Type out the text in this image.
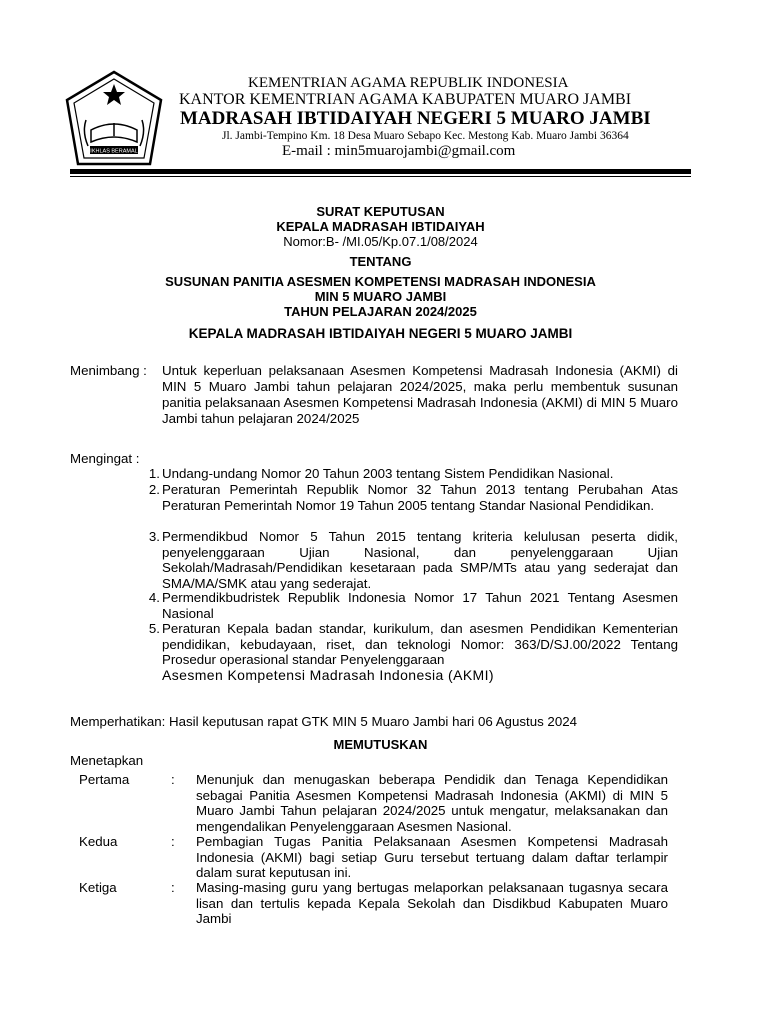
IKHLAS BERAMAL
KEMENTRIAN AGAMA REPUBLIK INDONESIA
KANTOR KEMENTRIAN AGAMA KABUPATEN MUARO JAMBI
MADRASAH IBTIDAIYAH NEGERI 5 MUARO JAMBI
Jl. Jambi-Tempino Km. 18 Desa Muaro Sebapo Kec. Mestong Kab. Muaro Jambi 36364
E-mail : min5muarojambi@gmail.com
SURAT KEPUTUSAN
KEPALA MADRASAH IBTIDAIYAH
Nomor:B- /MI.05/Kp.07.1/08/2024
TENTANG
SUSUNAN PANITIA ASESMEN KOMPETENSI MADRASAH INDONESIA
MIN 5 MUARO JAMBI
TAHUN PELAJARAN 2024/2025
KEPALA MADRASAH IBTIDAIYAH NEGERI 5 MUARO JAMBI
Menimbang : Untuk keperluan pelaksanaan Asesmen Kompetensi Madrasah Indonesia (AKMI) di MIN 5 Muaro Jambi tahun pelajaran 2024/2025, maka perlu membentuk susunan panitia pelaksanaan Asesmen Kompetensi Madrasah Indonesia (AKMI) di MIN 5 Muaro Jambi tahun pelajaran 2024/2025
Mengingat :
1. Undang-undang Nomor 20 Tahun 2003 tentang Sistem Pendidikan Nasional.
2. Peraturan Pemerintah Republik Nomor 32 Tahun 2013 tentang Perubahan Atas Peraturan Pemerintah Nomor 19 Tahun 2005 tentang Standar Nasional Pendidikan.
3. Permendikbud Nomor 5 Tahun 2015 tentang kriteria kelulusan peserta didik, penyelenggaraan Ujian Nasional, dan penyelenggaraan Ujian Sekolah/Madrasah/Pendidikan kesetaraan pada SMP/MTs atau yang sederajat dan SMA/MA/SMK atau yang sederajat.
4. Permendikbudristek Republik Indonesia Nomor 17 Tahun 2021 Tentang Asesmen Nasional
5. Peraturan Kepala badan standar, kurikulum, dan asesmen Pendidikan Kementerian pendidikan, kebudayaan, riset, dan teknologi Nomor: 363/D/SJ.00/2022 Tentang Prosedur operasional standar Penyelenggaraan
Asesmen Kompetensi Madrasah Indonesia (AKMI)
Memperhatikan: Hasil keputusan rapat GTK MIN 5 Muaro Jambi hari 06 Agustus 2024
MEMUTUSKAN
Menetapkan
Pertama	: Menunjuk dan menugaskan beberapa Pendidik dan Tenaga Kependidikan sebagai Panitia Asesmen Kompetensi Madrasah Indonesia (AKMI) di MIN 5 Muaro Jambi Tahun pelajaran 2024/2025 untuk mengatur, melaksanakan dan mengendalikan Penyelenggaraan Asesmen Nasional.
Kedua	: Pembagian Tugas Panitia Pelaksanaan Asesmen Kompetensi Madrasah Indonesia (AKMI) bagi setiap Guru tersebut tertuang dalam daftar terlampir dalam surat keputusan ini.
Ketiga	: Masing-masing guru yang bertugas melaporkan pelaksanaan tugasnya secara lisan dan tertulis kepada Kepala Sekolah dan Disdikbud Kabupaten Muaro Jambi
